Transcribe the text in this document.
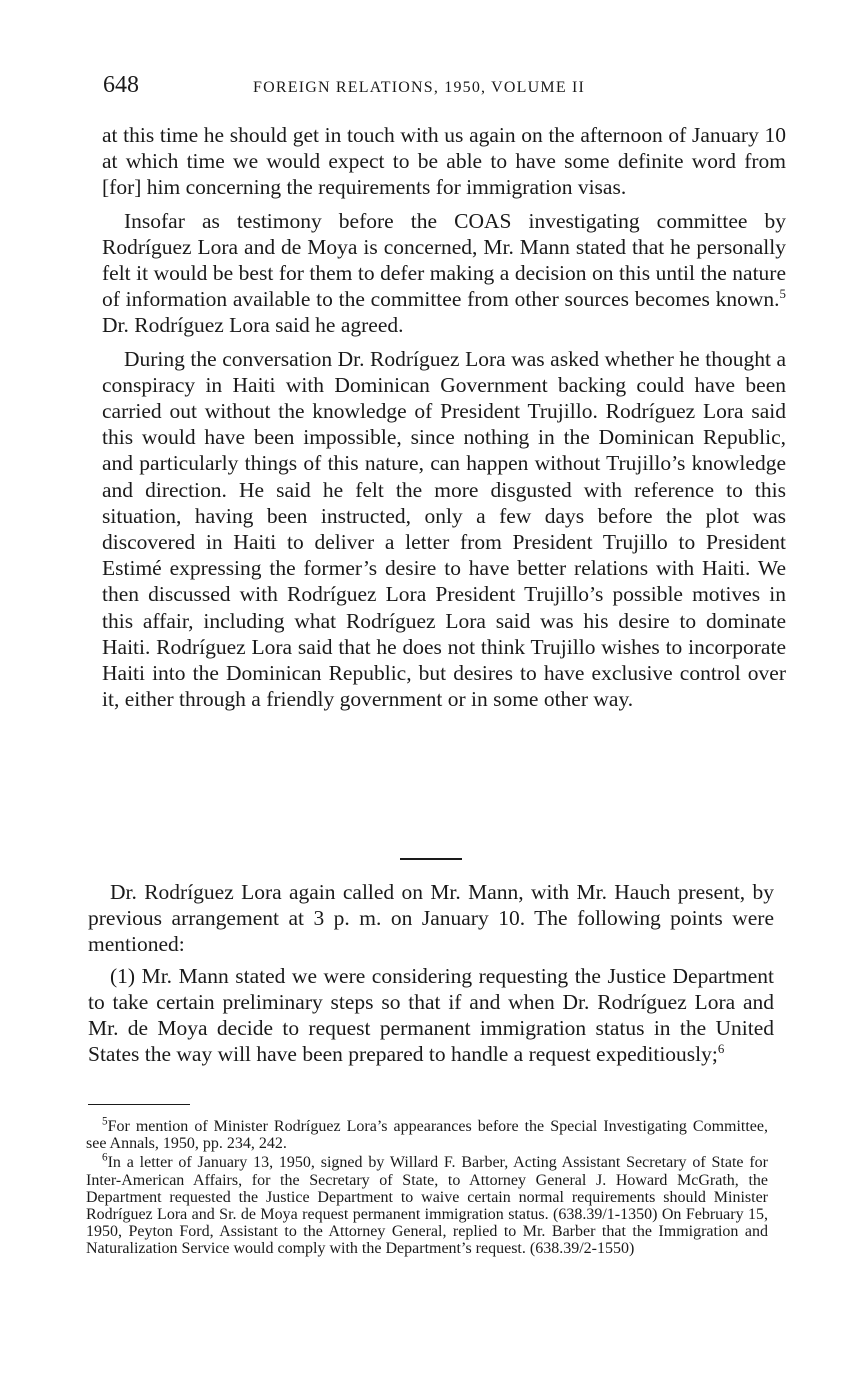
648	FOREIGN RELATIONS, 1950, VOLUME II

at this time he should get in touch with us again on the afternoon of January 10 at which time we would expect to be able to have some definite word from [for] him concerning the requirements for immigration visas.

Insofar as testimony before the COAS investigating committee by Rodríguez Lora and de Moya is concerned, Mr. Mann stated that he personally felt it would be best for them to defer making a decision on this until the nature of information available to the committee from other sources becomes known.$^5$ Dr. Rodríguez Lora said he agreed.

During the conversation Dr. Rodríguez Lora was asked whether he thought a conspiracy in Haiti with Dominican Government backing could have been carried out without the knowledge of President Trujillo. Rodríguez Lora said this would have been impossible, since nothing in the Dominican Republic, and particularly things of this nature, can happen without Trujillo’s knowledge and direction. He said he felt the more disgusted with reference to this situation, having been instructed, only a few days before the plot was discovered in Haiti to deliver a letter from President Trujillo to President Estimé expressing the former’s desire to have better relations with Haiti. We then discussed with Rodríguez Lora President Trujillo’s possible motives in this affair, including what Rodríguez Lora said was his desire to dominate Haiti. Rodríguez Lora said that he does not think Trujillo wishes to incorporate Haiti into the Dominican Republic, but desires to have exclusive control over it, either through a friendly government or in some other way.

Dr. Rodríguez Lora again called on Mr. Mann, with Mr. Hauch present, by previous arrangement at 3 p. m. on January 10. The following points were mentioned:

(1) Mr. Mann stated we were considering requesting the Justice Department to take certain preliminary steps so that if and when Dr. Rodríguez Lora and Mr. de Moya decide to request permanent immigration status in the United States the way will have been prepared to handle a request expeditiously;$^6$

$^5$For mention of Minister Rodríguez Lora’s appearances before the Special Investigating Committee, see Annals, 1950, pp. 234, 242.

$^6$In a letter of January 13, 1950, signed by Willard F. Barber, Acting Assistant Secretary of State for Inter-American Affairs, for the Secretary of State, to Attorney General J. Howard McGrath, the Department requested the Justice Department to waive certain normal requirements should Minister Rodríguez Lora and Sr. de Moya request permanent immigration status. (638.39/1-1350) On February 15, 1950, Peyton Ford, Assistant to the Attorney General, replied to Mr. Barber that the Immigration and Naturalization Service would comply with the Department’s request. (638.39/2-1550)
